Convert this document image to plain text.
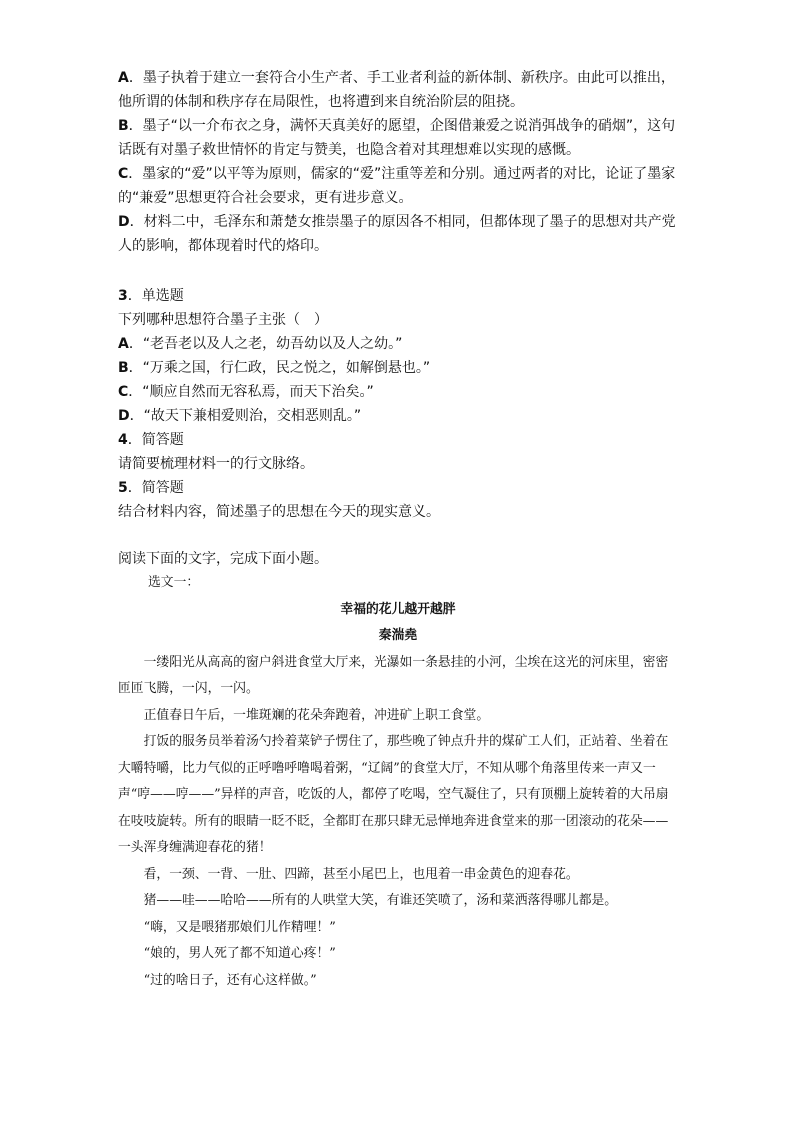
A．墨子执着于建立一套符合小生产者、手工业者利益的新体制、新秩序。由此可以推出，他所谓的体制和秩序存在局限性，也将遭到来自统治阶层的阻挠。

B．墨子“以一介布衣之身，满怀天真美好的愿望，企图借兼爱之说消弭战争的硝烟”，这句话既有对墨子救世情怀的肯定与赞美，也隐含着对其理想难以实现的感慨。

C．墨家的“爱”以平等为原则，儒家的“爱”注重等差和分别。通过两者的对比，论证了墨家的“兼爱”思想更符合社会要求，更有进步意义。

D．材料二中，毛泽东和萧楚女推崇墨子的原因各不相同，但都体现了墨子的思想对共产党人的影响，都体现着时代的烙印。

3．单选题

下列哪种思想符合墨子主张（　）

A．“老吾老以及人之老，幼吾幼以及人之幼。”

B．“万乘之国，行仁政，民之悦之，如解倒悬也。”

C．“顺应自然而无容私焉，而天下治矣。”

D．“故天下兼相爱则治，交相恶则乱。”

4．简答题

请简要梳理材料一的行文脉络。

5．简答题

结合材料内容，简述墨子的思想在今天的现实意义。

阅读下面的文字，完成下面小题。

选文一：

幸福的花儿越开越胖

秦湍堯

一缕阳光从高高的窗户斜进食堂大厅来，光瀑如一条悬挂的小河，尘埃在这光的河床里，密密匝匝飞腾，一闪，一闪。

正值春日午后，一堆斑斓的花朵奔跑着，冲进矿上职工食堂。

打饭的服务员举着汤勺拎着菜铲子愣住了，那些晚了钟点升井的煤矿工人们，正站着、坐着在大嚼特嚼，比力气似的正呼噜呼噜喝着粥，“辽阔”的食堂大厅，不知从哪个角落里传来一声又一声“哼——哼——”异样的声音，吃饭的人，都停了吃喝，空气凝住了，只有顶棚上旋转着的大吊扇在吱吱旋转。所有的眼睛一眨不眨，全都盯在那只肆无忌惮地奔进食堂来的那一团滚动的花朵——一头浑身缠满迎春花的猪！

看，一颈、一背、一肚、四蹄，甚至小尾巴上，也甩着一串金黄色的迎春花。

猪——哇——哈哈——所有的人哄堂大笑，有谁还笑喷了，汤和菜洒落得哪儿都是。

“嗨，又是喂猪那娘们儿作精哩！”

“娘的，男人死了都不知道心疼！”

“过的啥日子，还有心这样做。”
